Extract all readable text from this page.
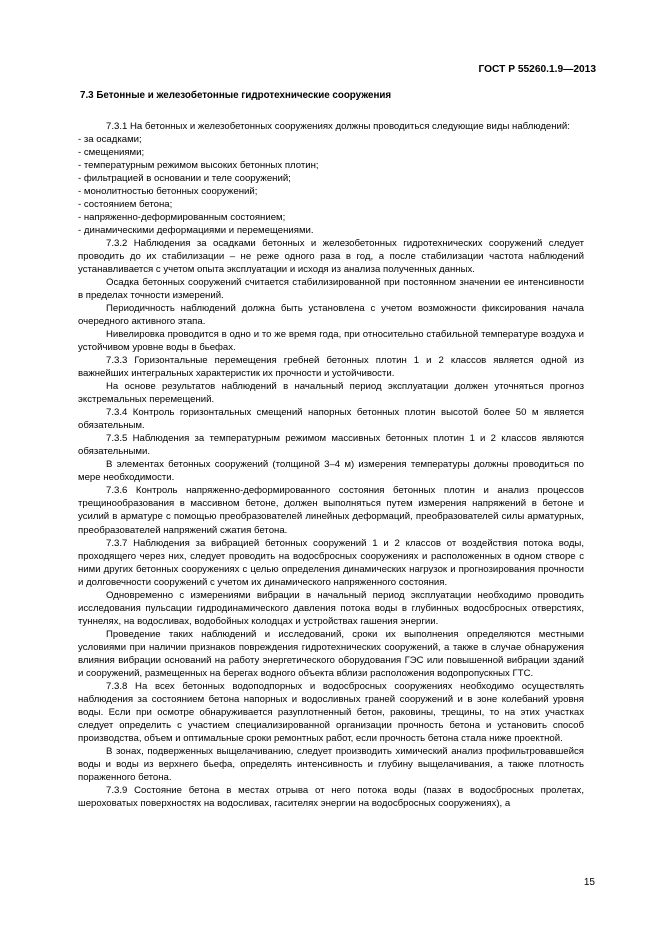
ГОСТ Р 55260.1.9—2013
7.3 Бетонные и железобетонные гидротехнические сооружения

7.3.1 На бетонных и железобетонных сооружениях должны проводиться следующие виды наблюдений:

- за осадками;
- смещениями;
- температурным режимом высоких бетонных плотин;
- фильтрацией в основании и теле сооружений;
- монолитностью бетонных сооружений;
- состоянием бетона;
- напряженно-деформированным состоянием;
- динамическими деформациями и перемещениями.

7.3.2 Наблюдения за осадками бетонных и железобетонных гидротехнических сооружений следует проводить до их стабилизации – не реже одного раза в год, а после стабилизации частота наблюдений устанавливается с учетом опыта эксплуатации и исходя из анализа полученных данных.

Осадка бетонных сооружений считается стабилизированной при постоянном значении ее интенсивности в пределах точности измерений.

Периодичность наблюдений должна быть установлена с учетом возможности фиксирования начала очередного активного этапа.

Нивелировка проводится в одно и то же время года, при относительно стабильной температуре воздуха и устойчивом уровне воды в бьефах.

7.3.3 Горизонтальные перемещения гребней бетонных плотин 1 и 2 классов является одной из важнейших интегральных характеристик их прочности и устойчивости.

На основе результатов наблюдений в начальный период эксплуатации должен уточняться прогноз экстремальных перемещений.

7.3.4 Контроль горизонтальных смещений напорных бетонных плотин высотой более 50 м является обязательным.

7.3.5 Наблюдения за температурным режимом массивных бетонных плотин 1 и 2 классов являются обязательными.

В элементах бетонных сооружений (толщиной 3–4 м) измерения температуры должны проводиться по мере необходимости.

7.3.6 Контроль напряженно-деформированного состояния бетонных плотин и анализ процессов трещинообразования в массивном бетоне, должен выполняться путем измерения напряжений в бетоне и усилий в арматуре с помощью преобразователей линейных деформаций, преобразователей силы арматурных, преобразователей напряжений сжатия бетона.

7.3.7 Наблюдения за вибрацией бетонных сооружений 1 и 2 классов от воздействия потока воды, проходящего через них, следует проводить на водосбросных сооружениях и расположенных в одном створе с ними других бетонных сооружениях с целью определения динамических нагрузок и прогнозирования прочности и долговечности сооружений с учетом их динамического напряженного состояния.

Одновременно с измерениями вибрации в начальный период эксплуатации необходимо проводить исследования пульсации гидродинамического давления потока воды в глубинных водосбросных отверстиях, туннелях, на водосливах, водобойных колодцах и устройствах гашения энергии.

Проведение таких наблюдений и исследований, сроки их выполнения определяются местными условиями при наличии признаков повреждения гидротехнических сооружений, а также в случае обнаружения влияния вибрации оснований на работу энергетического оборудования ГЭС или повышенной вибрации зданий и сооружений, размещенных на берегах водного объекта вблизи расположения водопропускных ГТС.

7.3.8 На всех бетонных водоподпорных и водосбросных сооружениях необходимо осуществлять наблюдения за состоянием бетона напорных и водосливных граней сооружений и в зоне колебаний уровня воды. Если при осмотре обнаруживается разуплотненный бетон, раковины, трещины, то на этих участках следует определить с участием специализированной организации прочность бетона и установить способ производства, объем и оптимальные сроки ремонтных работ, если прочность бетона стала ниже проектной.

В зонах, подверженных выщелачиванию, следует производить химический анализ профильтровавшейся воды и воды из верхнего бьефа, определять интенсивность и глубину выщелачивания, а также плотность пораженного бетона.

7.3.9 Состояние бетона в местах отрыва от него потока воды (пазах в водосбросных пролетах, шероховатых поверхностях на водосливах, гасителях энергии на водосбросных сооружениях), а

15
